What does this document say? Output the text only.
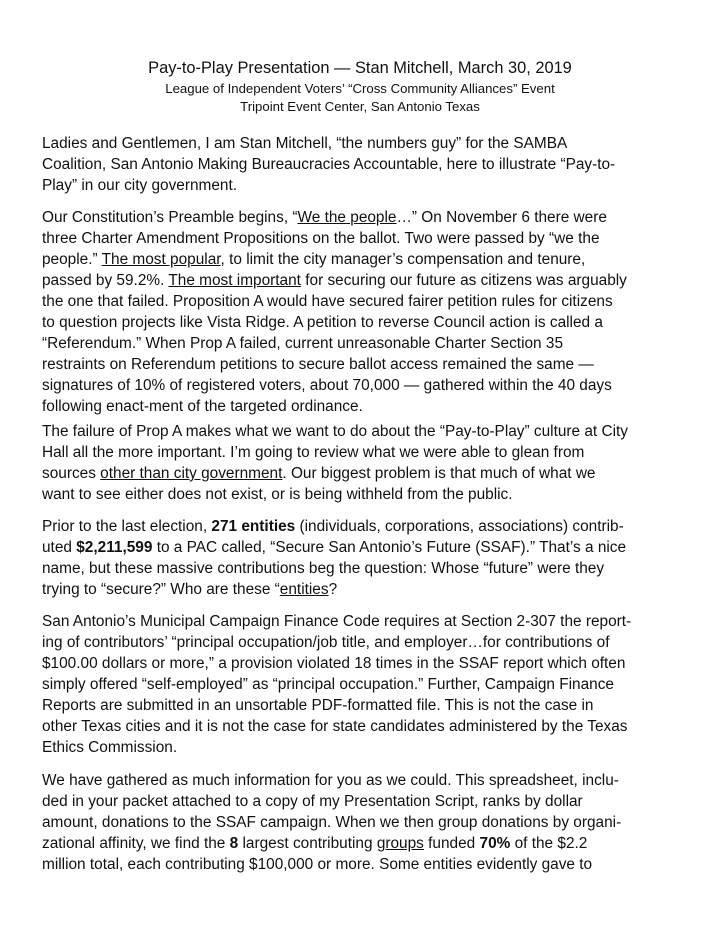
Pay-to-Play Presentation — Stan Mitchell, March 30, 2019
League of Independent Voters’ “Cross Community Alliances” Event
Tripoint Event Center, San Antonio Texas

Ladies and Gentlemen, I am Stan Mitchell, “the numbers guy” for the SAMBA
Coalition, San Antonio Making Bureaucracies Accountable, here to illustrate “Pay-to-
Play” in our city government.

Our Constitution’s Preamble begins, “We the people…” On November 6 there were
three Charter Amendment Propositions on the ballot. Two were passed by “we the
people.” The most popular, to limit the city manager’s compensation and tenure,
passed by 59.2%. The most important for securing our future as citizens was arguably
the one that failed. Proposition A would have secured fairer petition rules for citizens
to question projects like Vista Ridge. A petition to reverse Council action is called a
“Referendum.” When Prop A failed, current unreasonable Charter Section 35
restraints on Referendum petitions to secure ballot access remained the same —
signatures of 10% of registered voters, about 70,000 — gathered within the 40 days
following enact-ment of the targeted ordinance.

The failure of Prop A makes what we want to do about the “Pay-to-Play” culture at City
Hall all the more important. I’m going to review what we were able to glean from
sources other than city government. Our biggest problem is that much of what we
want to see either does not exist, or is being withheld from the public.

Prior to the last election, 271 entities (individuals, corporations, associations) contrib-
uted $2,211,599 to a PAC called, “Secure San Antonio’s Future (SSAF).” That’s a nice
name, but these massive contributions beg the question: Whose “future” were they
trying to “secure?” Who are these “entities?

San Antonio’s Municipal Campaign Finance Code requires at Section 2-307 the report-
ing of contributors’ “principal occupation/job title, and employer…for contributions of
$100.00 dollars or more,” a provision violated 18 times in the SSAF report which often
simply offered “self-employed” as “principal occupation.” Further, Campaign Finance
Reports are submitted in an unsortable PDF-formatted file. This is not the case in
other Texas cities and it is not the case for state candidates administered by the Texas
Ethics Commission.

We have gathered as much information for you as we could. This spreadsheet, inclu-
ded in your packet attached to a copy of my Presentation Script, ranks by dollar
amount, donations to the SSAF campaign. When we then group donations by organi-
zational affinity, we find the 8 largest contributing groups funded 70% of the $2.2
million total, each contributing $100,000 or more. Some entities evidently gave to
